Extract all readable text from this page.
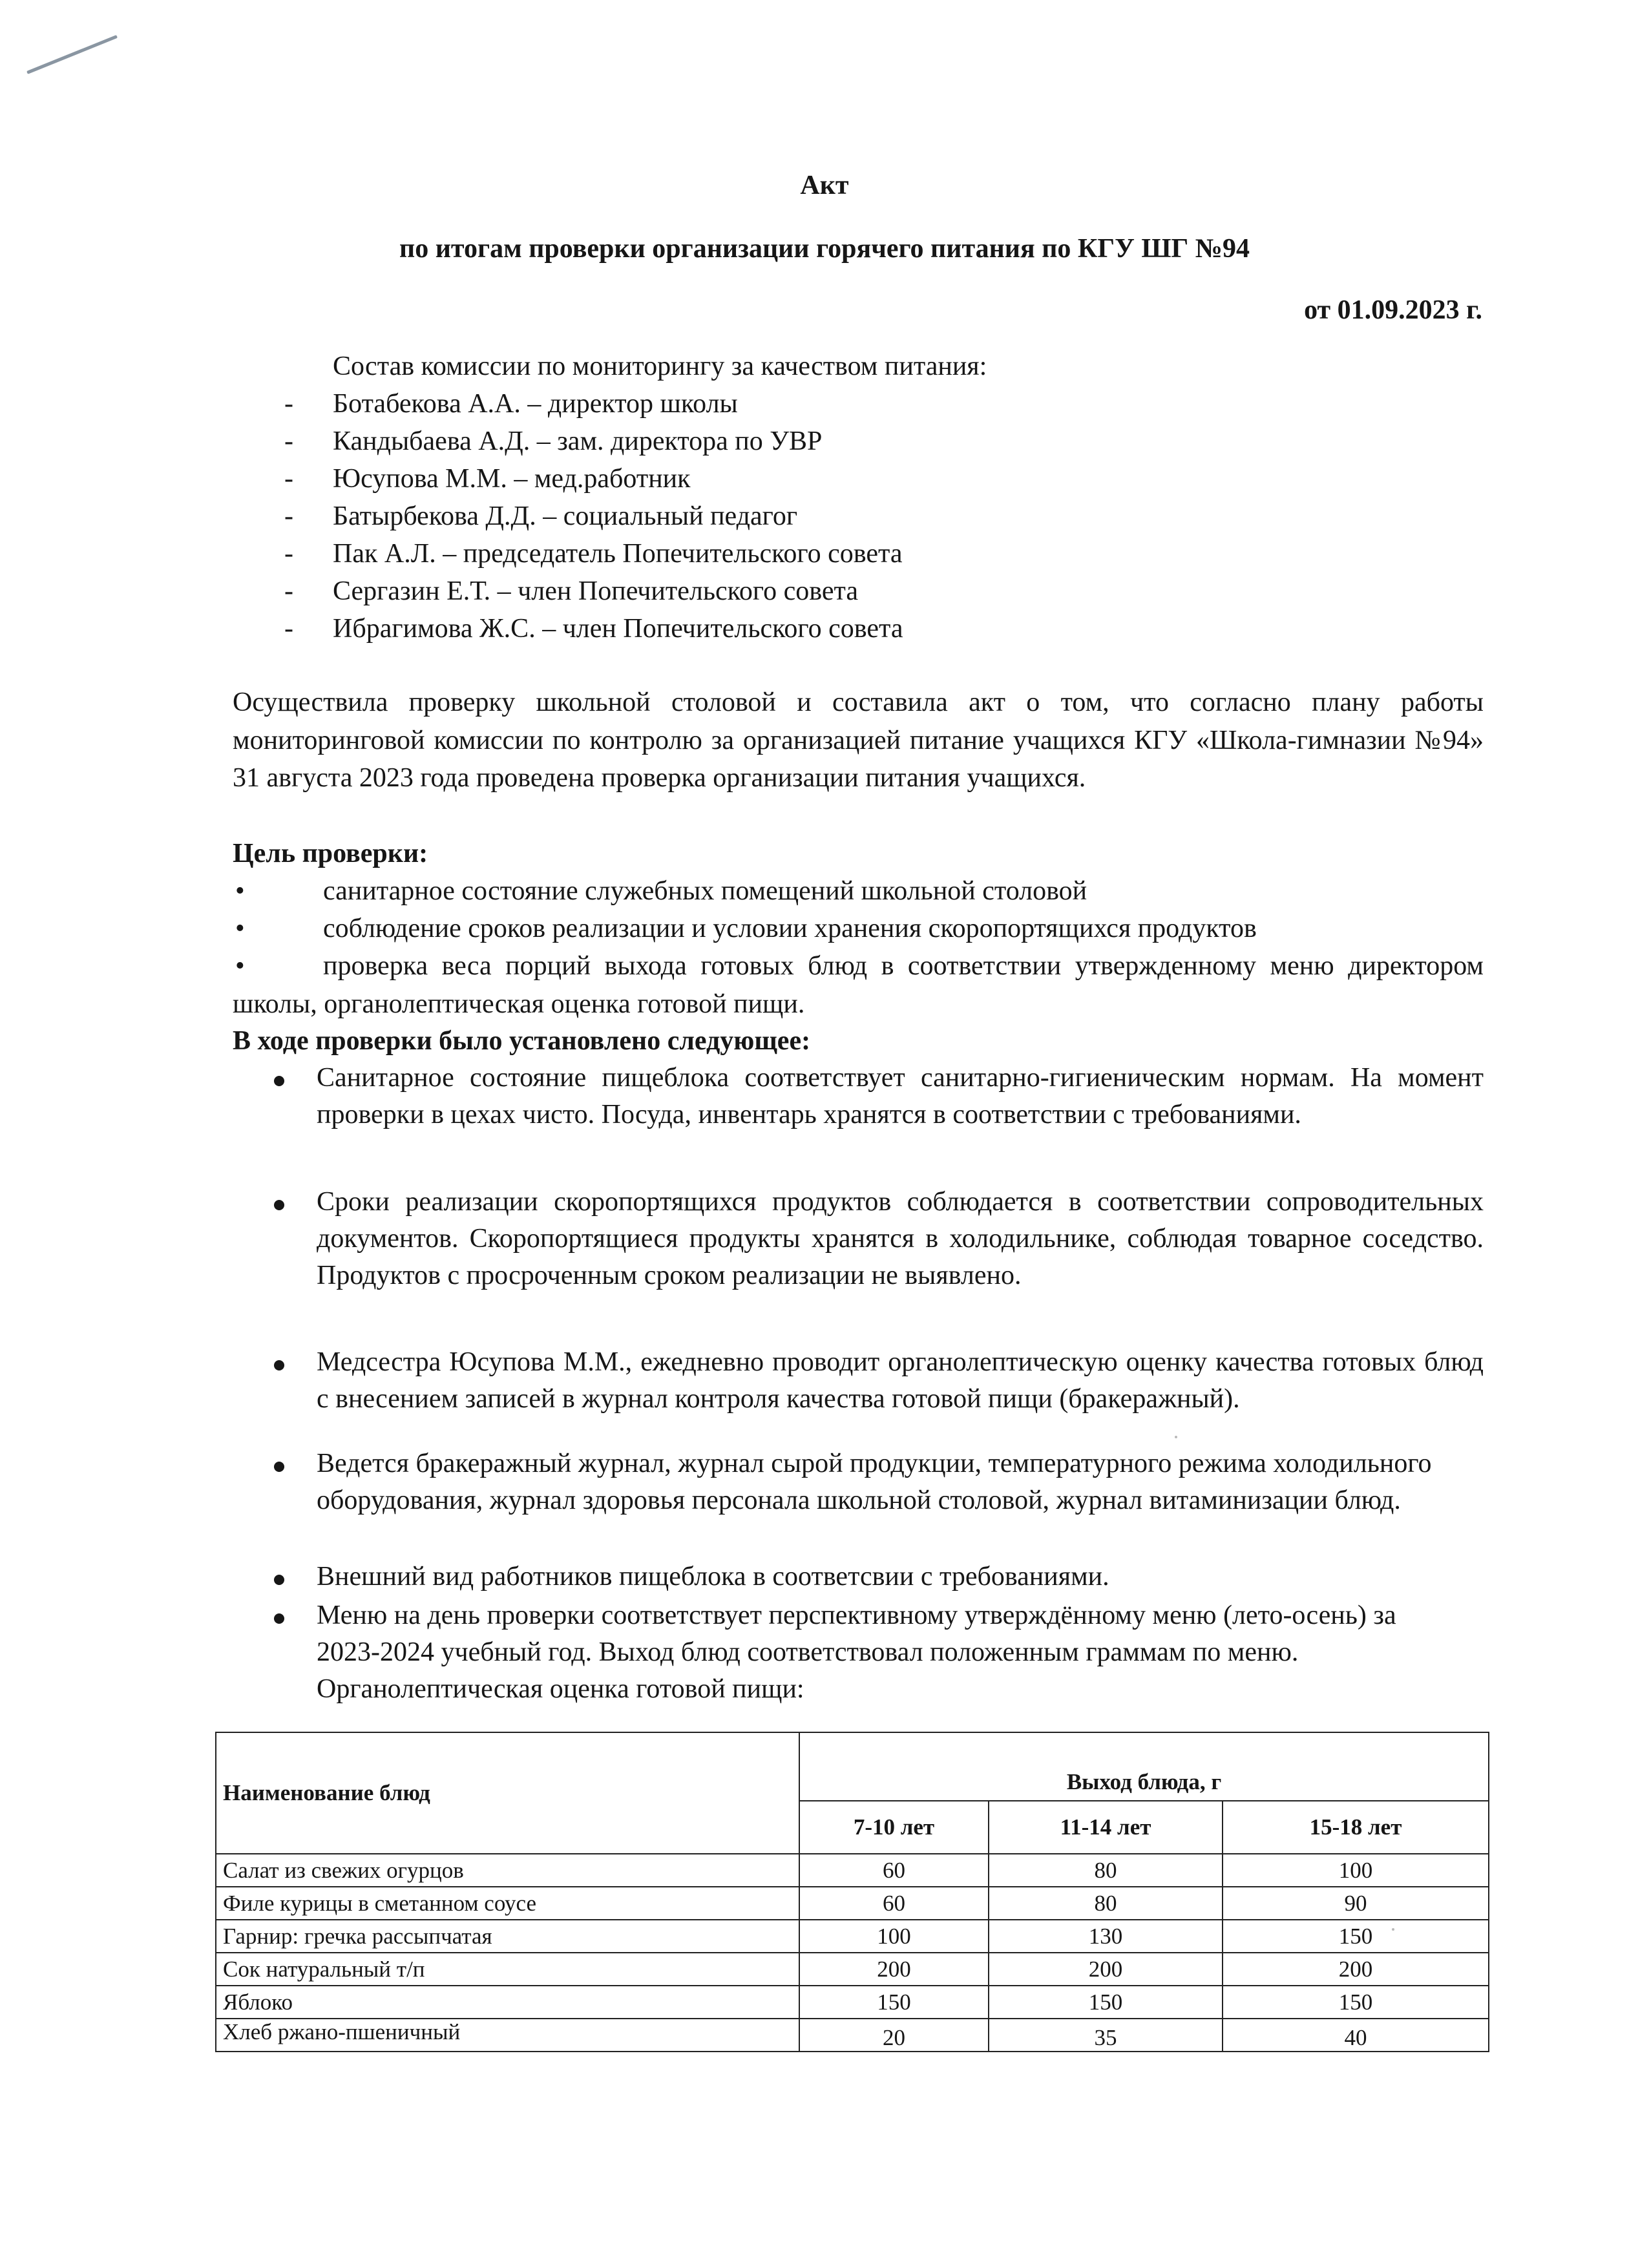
Акт
по итогам проверки организации горячего питания по КГУ ШГ №94
от 01.09.2023 г.
Состав комиссии по мониторингу за качеством питания:
- Ботабекова А.А. – директор школы
- Кандыбаева А.Д. – зам. директора по УВР
- Юсупова М.М. – мед.работник
- Батырбекова Д.Д. – социальный педагог
- Пак А.Л. – председатель Попечительского совета
- Сергазин Е.Т. – член Попечительского совета
- Ибрагимова Ж.С. – член Попечительского совета
Осуществила проверку школьной столовой и составила акт о том, что согласно плану работы мониторинговой комиссии по контролю за организацией питание учащихся КГУ «Школа-гимназии №94» 31 августа 2023 года проведена проверка организации питания учащихся.
Цель проверки:
•	санитарное состояние служебных помещений школьной столовой
•	соблюдение сроков реализации и условии хранения скоропортящихся продуктов
•	проверка веса порций выхода готовых блюд в соответствии утвержденному меню директором школы, органолептическая оценка готовой пищи.
В ходе проверки было установлено следующее:
Санитарное состояние пищеблока соответствует санитарно-гигиеническим нормам. На момент проверки в цехах чисто. Посуда, инвентарь хранятся в соответствии с требованиями.
Сроки реализации скоропортящихся продуктов соблюдается в соответствии сопроводительных документов. Скоропортящиеся продукты хранятся в холодильнике, соблюдая товарное соседство. Продуктов с просроченным сроком реализации не выявлено.
Медсестра Юсупова М.М., ежедневно проводит органолептическую оценку качества готовых блюд с внесением записей в журнал контроля качества готовой пищи (бракеражный).
Ведется бракеражный журнал, журнал сырой продукции, температурного режима холодильного оборудования, журнал здоровья персонала школьной столовой, журнал витаминизации блюд.
Внешний вид работников пищеблока в соответсвии с требованиями.
Меню на день проверки соответствует перспективному утверждённому меню (лето-осень) за 2023-2024 учебный год. Выход блюд соответствовал положенным граммам по меню. Органолептическая оценка готовой пищи:
Наименование блюд	Выход блюда, г		
	7-10 лет	11-14 лет	15-18 лет
Салат из свежих огурцов	60	80	100
Филе курицы в сметанном соусе	60	80	90
Гарнир: гречка рассыпчатая	100	130	150
Сок натуральный т/п	200	200	200
Яблоко	150	150	150
Хлеб ржано-пшеничный	20	35	40
